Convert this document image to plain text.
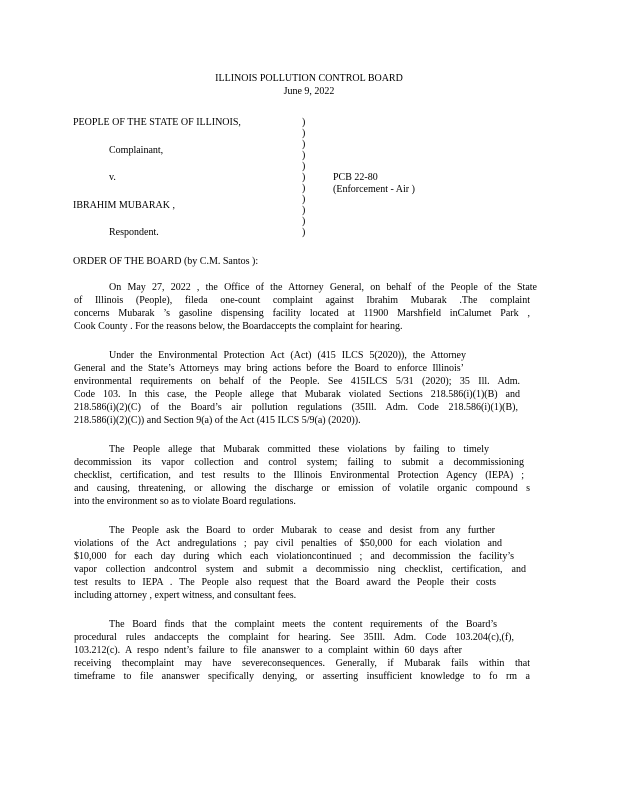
ILLINOIS POLLUTION CONTROL BOARD
June 9, 2022
PEOPLE OF THE STATE OF ILLINOIS,
Complainant,
v.
IBRAHIM MUBARAK ,
Respondent.
)
)
)
)
)
)
)
)
)
)
)
PCB 22-80
(Enforcement - Air )
ORDER OF THE BOARD (by C.M. Santos ):
On May 27, 2022 , the Office of the Attorney General, on behalf of the People of the State
of Illinois (People), fileda one-count complaint against Ibrahim Mubarak .The complaint
concerns Mubarak ’s gasoline dispensing facility located at 11900 Marshfield inCalumet Park ,
Cook County . For the reasons below, the Boardaccepts the complaint for hearing.
Under the Environmental Protection Act (Act) (415 ILCS 5(2020)), the Attorney
General and the State’s Attorneys may bring actions before the Board to enforce Illinois’
environmental requirements on behalf of the People. See 415ILCS 5/31 (2020); 35 Ill. Adm.
Code 103. In this case, the People allege that Mubarak violated Sections 218.586(i)(1)(B) and
218.586(i)(2)(C) of the Board’s air pollution regulations (35Ill. Adm. Code 218.586(i)(1)(B),
218.586(i)(2)(C)) and Section 9(a) of the Act (415 ILCS 5/9(a) (2020)).
The People allege that Mubarak committed these violations by failing to timely
decommission its vapor collection and control system; failing to submit a decommissioning
checklist, certification, and test results to the Illinois Environmental Protection Agency (IEPA) ;
and causing, threatening, or allowing the discharge or emission of volatile organic compound s
into the environment so as to violate Board regulations.
The People ask the Board to order Mubarak to cease and desist from any further
violations of the Act andregulations ; pay civil penalties of $50,000 for each violation and
$10,000 for each day during which each violationcontinued ; and decommission the facility’s
vapor collection andcontrol system and submit a decommissio ning checklist, certification, and
test results to IEPA . The People also request that the Board award the People their costs
including attorney , expert witness, and consultant fees.
The Board finds that the complaint meets the content requirements of the Board’s
procedural rules andaccepts the complaint for hearing. See 35Ill. Adm. Code 103.204(c),(f),
103.212(c). A respo ndent’s failure to file ananswer to a complaint within 60 days after
receiving thecomplaint may have severeconsequences. Generally, if Mubarak fails within that
timeframe to file ananswer specifically denying, or asserting insufficient knowledge to fo rm a
